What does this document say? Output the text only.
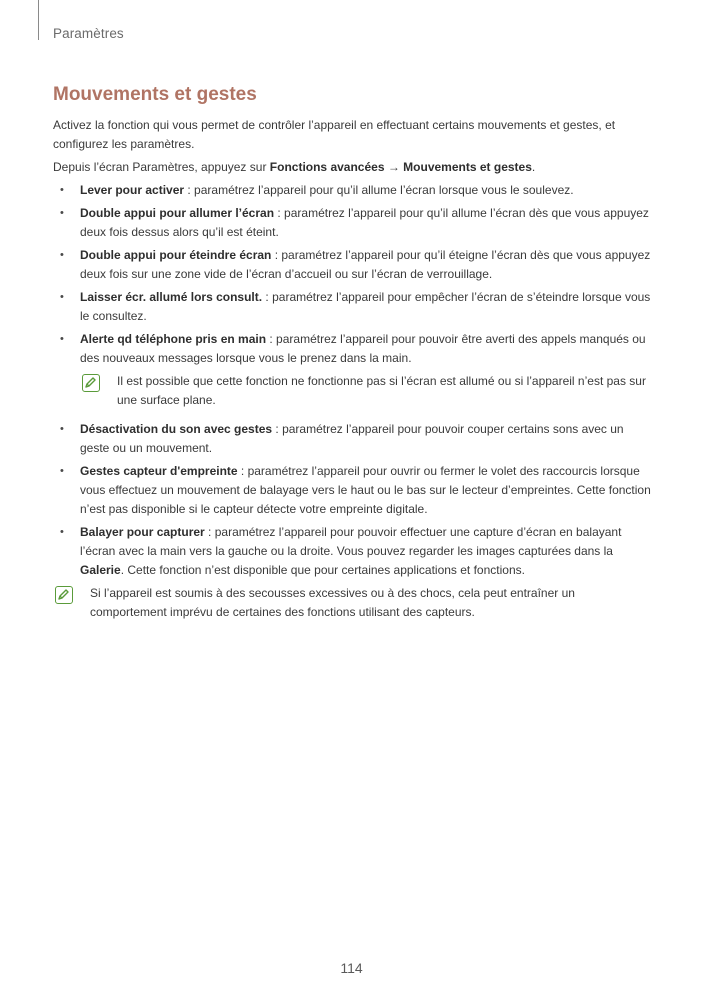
Paramètres
Mouvements et gestes

Activez la fonction qui vous permet de contrôler l’appareil en effectuant certains mouvements et gestes, et configurez les paramètres.

Depuis l’écran Paramètres, appuyez sur Fonctions avancées → Mouvements et gestes.

• Lever pour activer : paramétrez l’appareil pour qu’il allume l’écran lorsque vous le soulevez.
• Double appui pour allumer l’écran : paramétrez l’appareil pour qu’il allume l’écran dès que vous appuyez deux fois dessus alors qu’il est éteint.
• Double appui pour éteindre écran : paramétrez l’appareil pour qu’il éteigne l’écran dès que vous appuyez deux fois sur une zone vide de l’écran d’accueil ou sur l’écran de verrouillage.
• Laisser écr. allumé lors consult. : paramétrez l’appareil pour empêcher l’écran de s’éteindre lorsque vous le consultez.
• Alerte qd téléphone pris en main : paramétrez l’appareil pour pouvoir être averti des appels manqués ou des nouveaux messages lorsque vous le prenez dans la main.
Il est possible que cette fonction ne fonctionne pas si l’écran est allumé ou si l’appareil n’est pas sur une surface plane.
• Désactivation du son avec gestes : paramétrez l’appareil pour pouvoir couper certains sons avec un geste ou un mouvement.
• Gestes capteur d'empreinte : paramétrez l’appareil pour ouvrir ou fermer le volet des raccourcis lorsque vous effectuez un mouvement de balayage vers le haut ou le bas sur le lecteur d’empreintes. Cette fonction n’est pas disponible si le capteur détecte votre empreinte digitale.
• Balayer pour capturer : paramétrez l’appareil pour pouvoir effectuer une capture d’écran en balayant l’écran avec la main vers la gauche ou la droite. Vous pouvez regarder les images capturées dans la Galerie. Cette fonction n’est disponible que pour certaines applications et fonctions.
Si l’appareil est soumis à des secousses excessives ou à des chocs, cela peut entraîner un comportement imprévu de certaines des fonctions utilisant des capteurs.
114
